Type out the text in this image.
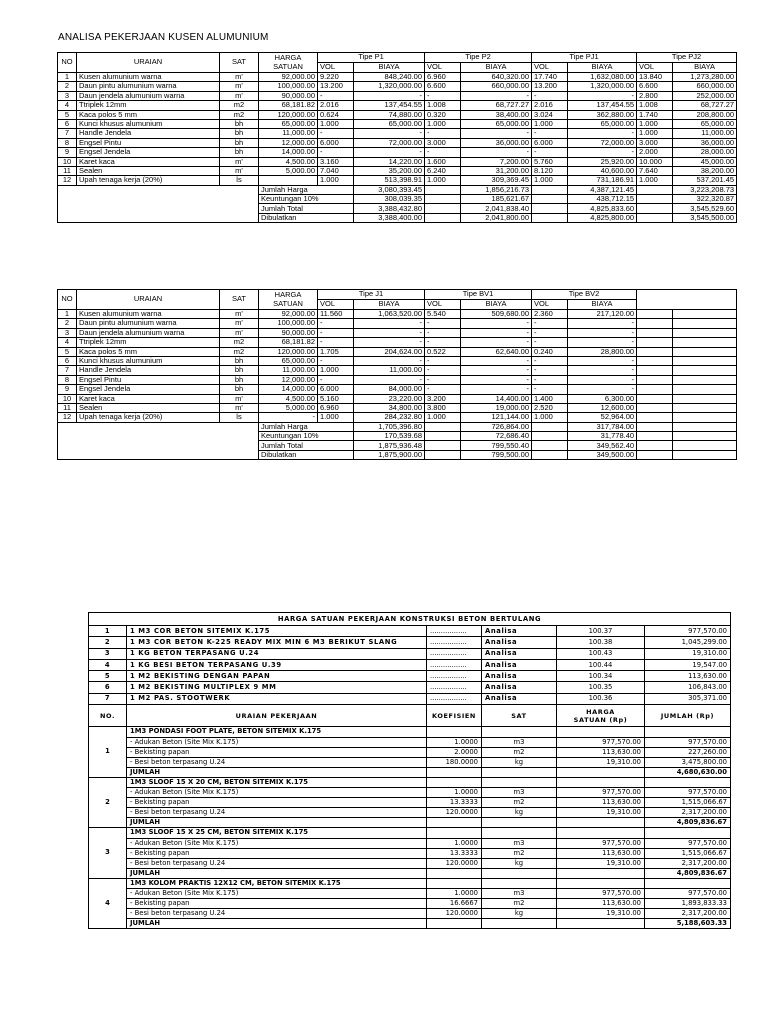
ANALISA PEKERJAAN KUSEN ALUMUNIUM
NO	URAIAN	SAT	HARGA
SATUAN	Tipe P1		Tipe P2		Tipe PJ1		Tipe PJ2	
				VOL	BIAYA	VOL	BIAYA	VOL	BIAYA	VOL	BIAYA
1	Kusen alumunium warna	m'	92,000.00	9.220	848,240.00	6.960	640,320.00	17.740	1,632,080.00	13.840	1,273,280.00
2	Daun pintu alumunium warna	m'	100,000.00	13.200	1,320,000.00	6.600	660,000.00	13.200	1,320,000.00	6.600	660,000.00
3	Daun jendela alumunium warna	m'	90,000.00	-	-	-	-	-	-	2.800	252,000.00
4	Ttriplek 12mm	m2	68,181.82	2.016	137,454.55	1.008	68,727.27	2.016	137,454.55	1.008	68,727.27
5	Kaca polos 5 mm	m2	120,000.00	0.624	74,880.00	0.320	38,400.00	3.024	362,880.00	1.740	208,800.00
6	Kunci khusus alumunium	bh	65,000.00	1.000	65,000.00	1.000	65,000.00	1.000	65,000.00	1.000	65,000.00
7	Handle Jendela	bh	11,000.00	-	-	-	-	-	-	1.000	11,000.00
8	Engsel Pintu	bh	12,000.00	6.000	72,000.00	3.000	36,000.00	6.000	72,000.00	3.000	36,000.00
9	Engsel Jendela	bh	14,000.00	-	-	-	-	-	-	2.000	28,000.00
10	Karet kaca	m'	4,500.00	3.160	14,220.00	1.600	7,200.00	5.760	25,920.00	10.000	45,000.00
11	Sealen	m'	5,000.00	7.040	35,200.00	6.240	31,200.00	8.120	40,600.00	7.640	38,200.00
12	Upah tenaga kerja (20%)	ls		1.000	513,398.91	1.000	309,369.45	1.000	731,186.91	1.000	537,201.45
			Jumlah Harga		3,080,393.45		1,856,216.73		4,387,121.45		3,223,208.73
			Keuntungan 10%		308,039.35		185,621.67		438,712.15		322,320.87
			Jumlah Total		3,388,432.80		2,041,838.40		4,825,833.60		3,545,529.60
			Dibulatkan		3,388,400.00		2,041,800.00		4,825,800.00		3,545,500.00
NO	URAIAN	SAT	HARGA
SATUAN	Tipe J1		Tipe BV1		Tipe BV2			
				VOL	BIAYA	VOL	BIAYA	VOL	BIAYA		
1	Kusen alumunium warna	m'	92,000.00	11.560	1,063,520.00	5.540	509,680.00	2.360	217,120.00		
2	Daun pintu alumunium warna	m'	100,000.00	-	-	-	-	-	-		
3	Daun jendela alumunium warna	m'	90,000.00	-	-	-	-	-	-		
4	Ttriplek 12mm	m2	68,181.82	-	-	-	-	-	-		
5	Kaca polos 5 mm	m2	120,000.00	1.705	204,624.00	0.522	62,640.00	0.240	28,800.00		
6	Kunci khusus alumunium	bh	65,000.00	-	-	-	-	-	-		
7	Handle Jendela	bh	11,000.00	1.000	11,000.00	-	-	-	-		
8	Engsel Pintu	bh	12,000.00	-	-	-	-	-	-		
9	Engsel Jendela	bh	14,000.00	6.000	84,000.00	-	-	-	-		
10	Karet kaca	m'	4,500.00	5.160	23,220.00	3.200	14,400.00	1.400	6,300.00		
11	Sealen	m'	5,000.00	6.960	34,800.00	3.800	19,000.00	2.520	12,600.00		
12	Upah tenaga kerja (20%)	ls	-	1.000	284,232.80	1.000	121,144.00	1.000	52,964.00		
			Jumlah Harga		1,705,396.80		726,864.00		317,784.00		
			Keuntungan 10%		170,539.68		72,686.40		31,778.40		
			Jumlah Total		1,875,936.48		799,550.40		349,562.40		
			Dibulatkan		1,875,900.00		799,500.00		349,500.00		
HARGA SATUAN PEKERJAAN KONSTRUKSI BETON BERTULANG					
1	1 M3 COR BETON SITEMIX K.175	.................	Analisa	100.37	977,570.00
2	1 M3 COR BETON K-225 READY MIX MIN 6 M3 BERIKUT SLANG	.................	Analisa	100.38	1,045,299.00
3	1 KG BETON TERPASANG U.24	.................	Analisa	100.43	19,310.00
4	1 KG BESI BETON TERPASANG U.39	.................	Analisa	100.44	19,547.00
5	1 M2 BEKISTING DENGAN PAPAN	.................	Analisa	100.34	113,630.00
6	1 M2 BEKISTING MULTIPLEX 9 MM	.................	Analisa	100.35	106,843.00
7	1 M2 PAS. STOOTWERK	.................	Analisa	100.36	305,371.00
NO.	URAIAN PEKERJAAN	KOEFISIEN	SAT	HARGA
SATUAN (Rp)	JUMLAH (Rp)
1	1M3 PONDASI FOOT PLATE, BETON SITEMIX K.175				
	- Adukan Beton (Site Mix K.175)	1.0000	m3	977,570.00	977,570.00
	- Bekisting papan	2.0000	m2	113,630.00	227,260.00
	- Besi beton terpasang U.24	180.0000	kg	19,310.00	3,475,800.00
	JUMLAH				4,680,630.00
2	1M3 SLOOF 15 X 20 CM, BETON SITEMIX K.175				
	- Adukan Beton (Site Mix K.175)	1.0000	m3	977,570.00	977,570.00
	- Bekisting papan	13.3333	m2	113,630.00	1,515,066.67
	- Besi beton terpasang U.24	120.0000	kg	19,310.00	2,317,200.00
	JUMLAH				4,809,836.67
3	1M3 SLOOF 15 X 25 CM, BETON SITEMIX K.175				
	- Adukan Beton (Site Mix K.175)	1.0000	m3	977,570.00	977,570.00
	- Bekisting papan	13.3333	m2	113,630.00	1,515,066.67
	- Besi beton terpasang U.24	120.0000	kg	19,310.00	2,317,200.00
	JUMLAH				4,809,836.67
4	1M3 KOLOM PRAKTIS 12X12 CM, BETON SITEMIX K.175				
	- Adukan Beton (Site Mix K.175)	1.0000	m3	977,570.00	977,570.00
	- Bekisting papan	16.6667	m2	113,630.00	1,893,833.33
	- Besi beton terpasang U.24	120.0000	kg	19,310.00	2,317,200.00
	JUMLAH				5,188,603.33
